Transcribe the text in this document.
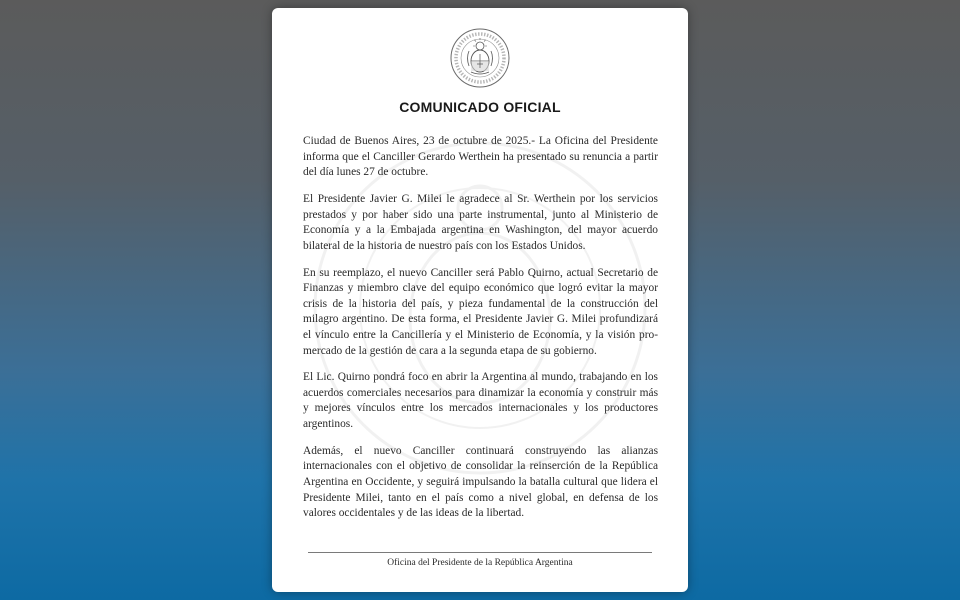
COMUNICADO OFICIAL

Ciudad de Buenos Aires, 23 de octubre de 2025.- La Oficina del Presidente informa que el Canciller Gerardo Werthein ha presentado su renuncia a partir del día lunes 27 de octubre.

El Presidente Javier G. Milei le agradece al Sr. Werthein por los servicios prestados y por haber sido una parte instrumental, junto al Ministerio de Economía y a la Embajada argentina en Washington, del mayor acuerdo bilateral de la historia de nuestro país con los Estados Unidos.

En su reemplazo, el nuevo Canciller será Pablo Quirno, actual Secretario de Finanzas y miembro clave del equipo económico que logró evitar la mayor crisis de la historia del país, y pieza fundamental de la construcción del milagro argentino. De esta forma, el Presidente Javier G. Milei profundizará el vínculo entre la Cancillería y el Ministerio de Economía, y la visión pro-mercado de la gestión de cara a la segunda etapa de su gobierno.

El Lic. Quirno pondrá foco en abrir la Argentina al mundo, trabajando en los acuerdos comerciales necesarios para dinamizar la economía y construir más y mejores vínculos entre los mercados internacionales y los productores argentinos.

Además, el nuevo Canciller continuará construyendo las alianzas internacionales con el objetivo de consolidar la reinserción de la República Argentina en Occidente, y seguirá impulsando la batalla cultural que lidera el Presidente Milei, tanto en el país como a nivel global, en defensa de los valores occidentales y de las ideas de la libertad.

Oficina del Presidente de la República Argentina
